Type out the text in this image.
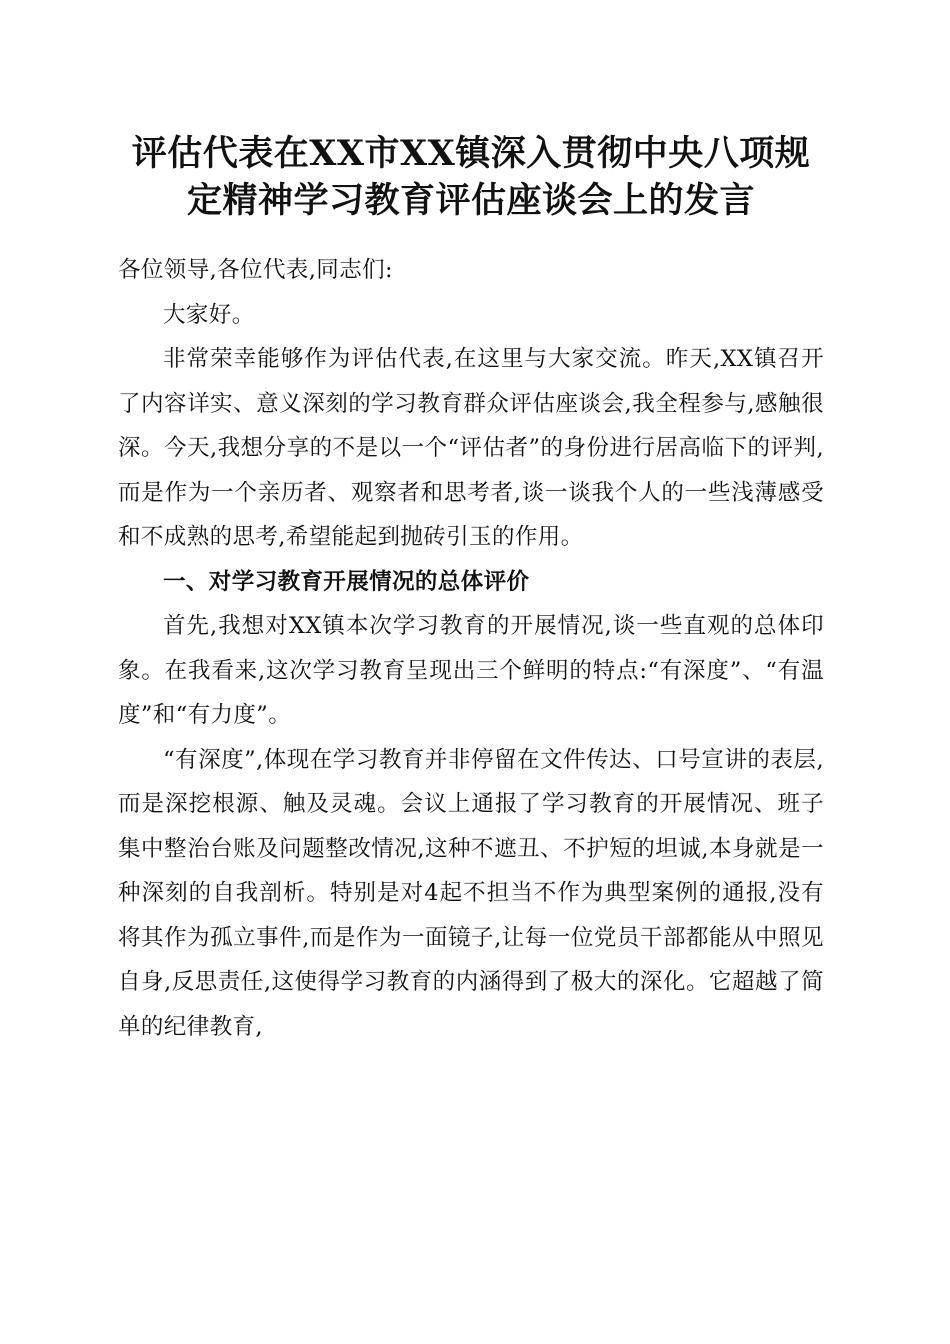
评估代表在XX市XX镇深入贯彻中央八项规
定精神学习教育评估座谈会上的发言

各位领导,各位代表,同志们:

大家好。

非常荣幸能够作为评估代表,在这里与大家交流。昨天,XX镇召开了内容详实、意义深刻的学习教育群众评估座谈会,我全程参与,感触很深。今天,我想分享的不是以一个“评估者”的身份进行居高临下的评判,而是作为一个亲历者、观察者和思考者,谈一谈我个人的一些浅薄感受和不成熟的思考,希望能起到抛砖引玉的作用。

一、对学习教育开展情况的总体评价

首先,我想对XX镇本次学习教育的开展情况,谈一些直观的总体印象。在我看来,这次学习教育呈现出三个鲜明的特点:“有深度”、“有温度”和“有力度”。

“有深度”,体现在学习教育并非停留在文件传达、口号宣讲的表层,而是深挖根源、触及灵魂。会议上通报了学习教育的开展情况、班子集中整治台账及问题整改情况,这种不遮丑、不护短的坦诚,本身就是一种深刻的自我剖析。特别是对4起不担当不作为典型案例的通报,没有将其作为孤立事件,而是作为一面镜子,让每一位党员干部都能从中照见自身,反思责任,这使得学习教育的内涵得到了极大的深化。它超越了简单的纪律教育,
